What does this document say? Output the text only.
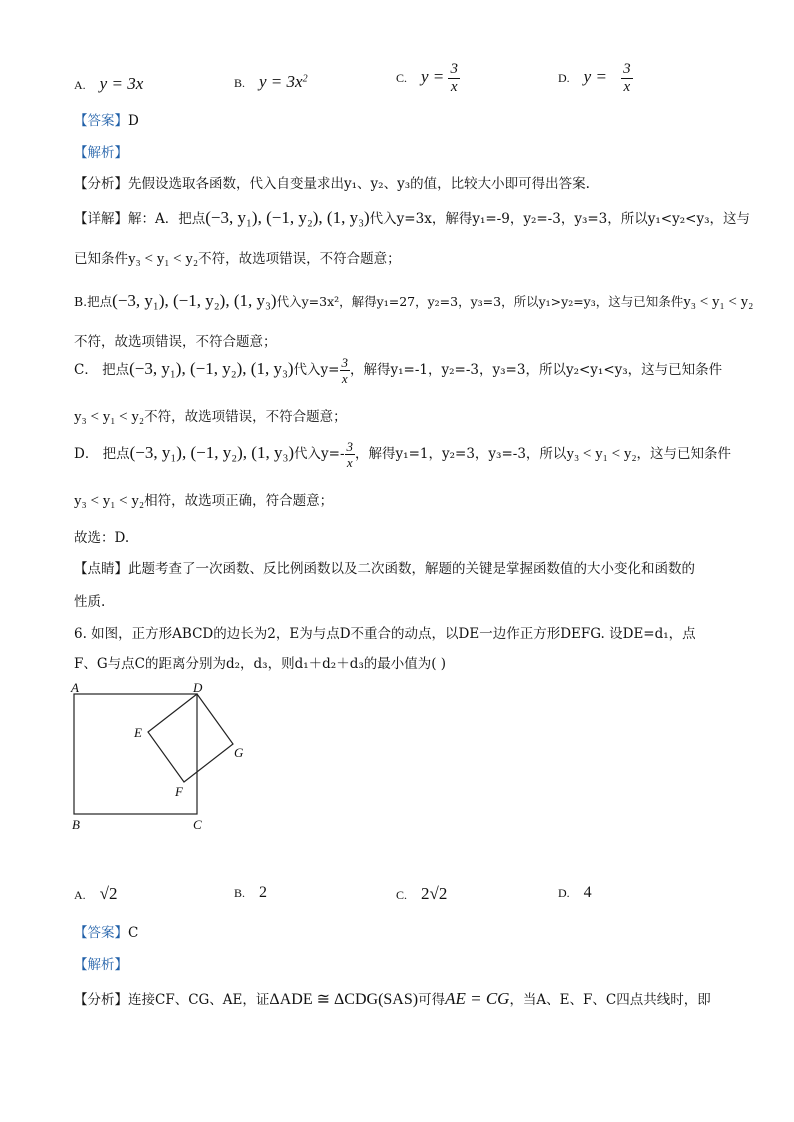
A. y = 3x	B. $y = 3x^2$	C. $y = \frac{3}{x}$	D. $y = \frac{3}{x}$
【答案】D
【解析】
【分析】先假设选取各函数，代入自变量求出y₁、y₂、y₃的值，比较大小即可得出答案.
【详解】解：A．把点(−3, y₁), (−1, y₂), (1, y₃)代入y=3x，解得y₁=-9，y₂=-3，y₃=3，所以y₁<y₂<y₃，这与
已知条件y₃ < y₁ < y₂不符，故选项错误，不符合题意；
B.把点(−3, y₁), (−1, y₂), (1, y₃)代入y=3x²，解得y₁=27，y₂=3，y₃=3，所以y₁>y₂=y₃，这与已知条件y₃ < y₁ < y₂
不符，故选项错误，不符合题意；
C． 把点(−3, y₁), (−1, y₂), (1, y₃)代入$y= \frac{3}{x}$ ，解得y₁=-1，y₂=-3，y₃=3，所以y₂<y₁<y₃，这与已知条件
y₃ < y₁ < y₂不符，故选项错误，不符合题意；
D． 把点(−3, y₁), (−1, y₂), (1, y₃)代入$y=- \frac{3}{x}$ ，解得y₁=1，y₂=3，y₃=-3，所以y₃ < y₁ < y₂，这与已知条件
y₃ < y₁ < y₂相符，故选项正确，符合题意；
故选：D.
【点睛】此题考查了一次函数、反比例函数以及二次函数，解题的关键是掌握函数值的大小变化和函数的
性质.
6. 如图，正方形ABCD的边长为2，E为与点D不重合的动点，以DE一边作正方形DEFG. 设DE=d₁，点
F、G与点C的距离分别为d₂，d₃，则d₁＋d₂＋d₃的最小值为( )
A
B	C
D
E
F
G
A. √2	B. 2	C. 2√2	D. 4
【答案】C
【解析】
【分析】连接CF、CG、AE，证ΔADE ≅ ΔCDG(SAS)可得AE = CG，当A、E、F、C四点共线时，即
